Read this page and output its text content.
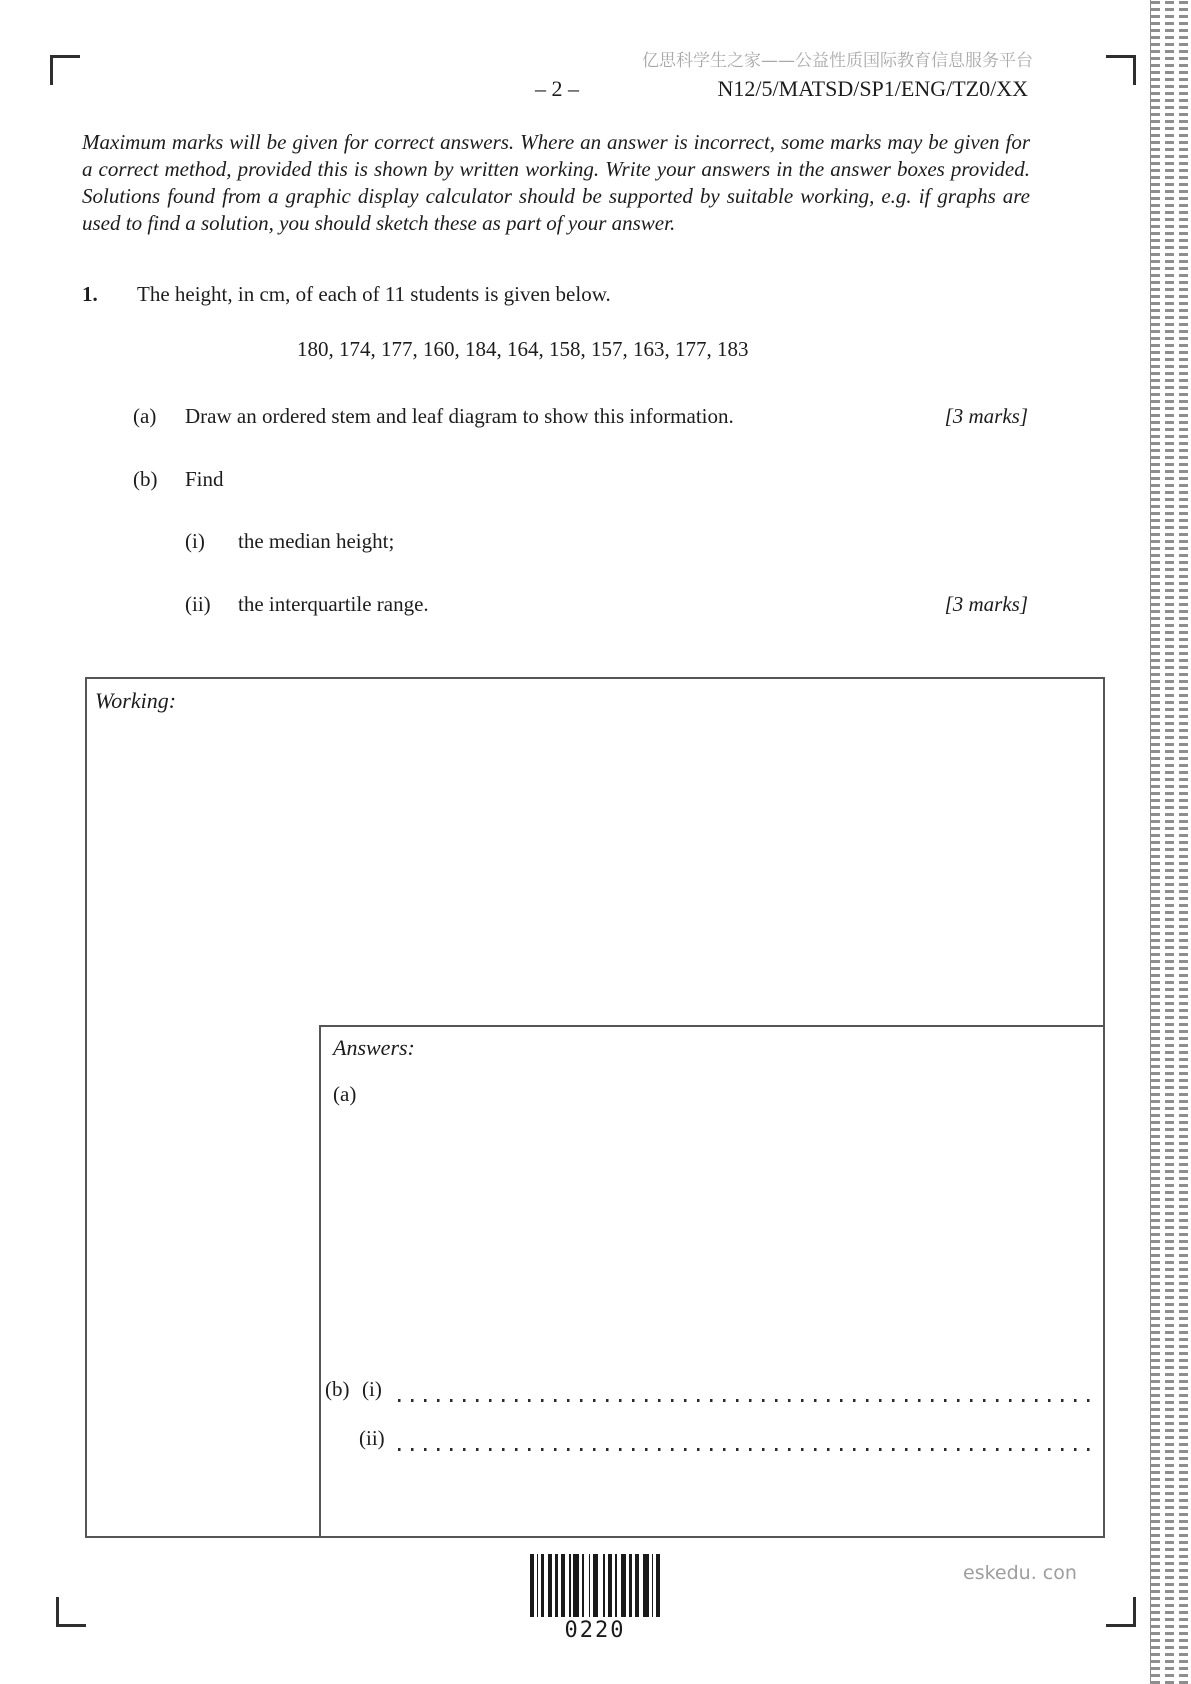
亿思科学生之家——公益性质国际教育信息服务平台
– 2 –	N12/5/MATSD/SP1/ENG/TZ0/XX
Maximum marks will be given for correct answers. Where an answer is incorrect, some marks may be given for a correct method, provided this is shown by written working. Write your answers in the answer boxes provided. Solutions found from a graphic display calculator should be supported by suitable working, e.g. if graphs are used to find a solution, you should sketch these as part of your answer.
1. The height, in cm, of each of 11 students is given below.
180, 174, 177, 160, 184, 164, 158, 157, 163, 177, 183
(a) Draw an ordered stem and leaf diagram to show this information.	[3 marks]
(b) Find
(i) the median height;
(ii) the interquartile range.	[3 marks]
Working:
Answers:
(a)
(b) (i)
(ii)
0220
eskedu. con
